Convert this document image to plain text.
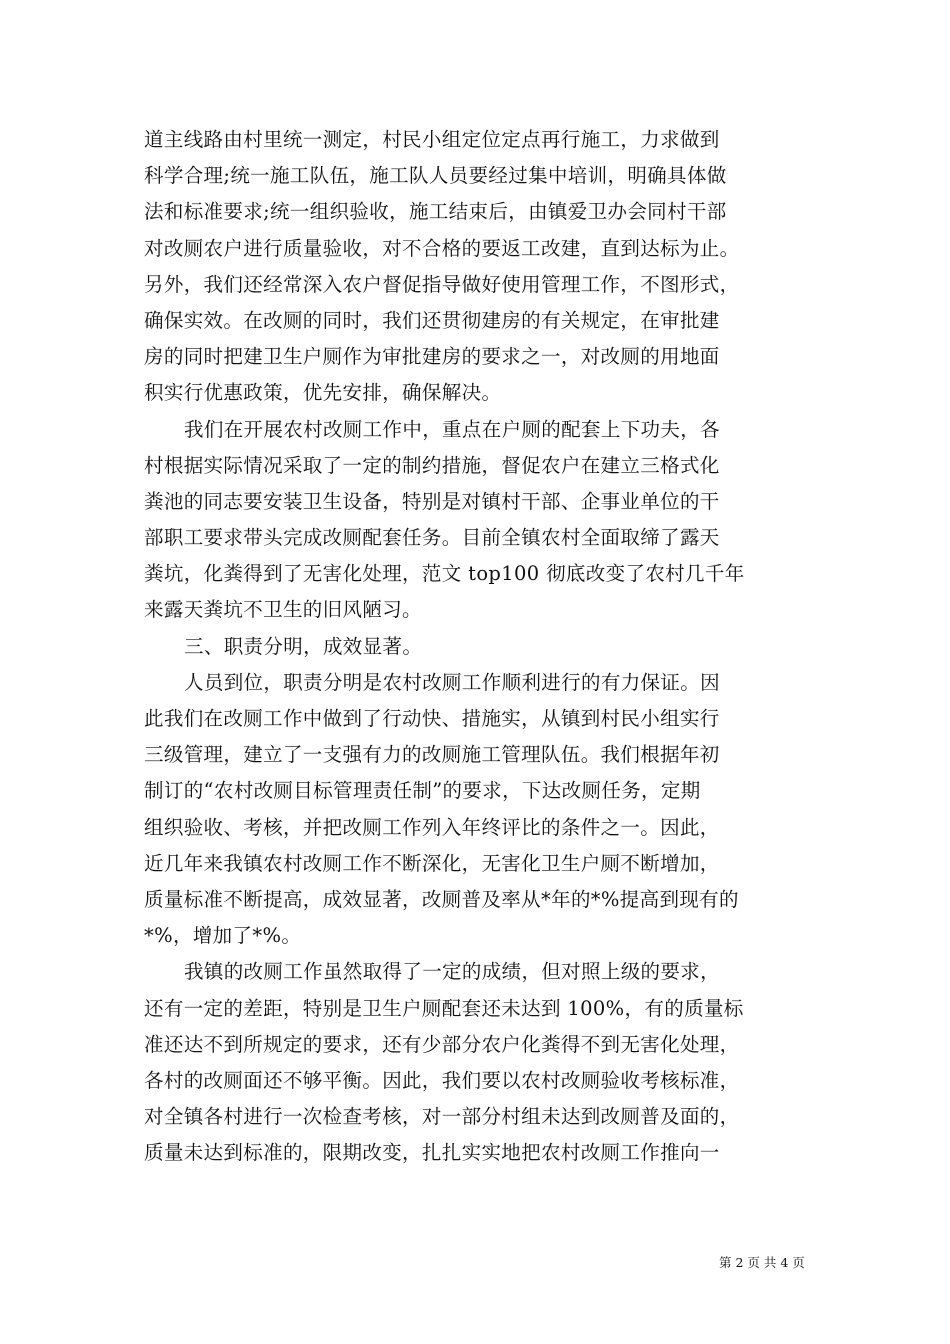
道主线路由村里统一测定，村民小组定位定点再行施工，力求做到
科学合理;统一施工队伍，施工队人员要经过集中培训，明确具体做
法和标准要求;统一组织验收，施工结束后，由镇爱卫办会同村干部
对改厕农户进行质量验收，对不合格的要返工改建，直到达标为止。
另外，我们还经常深入农户督促指导做好使用管理工作，不图形式，
确保实效。在改厕的同时，我们还贯彻建房的有关规定，在审批建
房的同时把建卫生户厕作为审批建房的要求之一，对改厕的用地面
积实行优惠政策，优先安排，确保解决。
我们在开展农村改厕工作中，重点在户厕的配套上下功夫，各
村根据实际情况采取了一定的制约措施，督促农户在建立三格式化
粪池的同志要安装卫生设备，特别是对镇村干部、企事业单位的干
部职工要求带头完成改厕配套任务。目前全镇农村全面取缔了露天
粪坑，化粪得到了无害化处理，范文 top100 彻底改变了农村几千年
来露天粪坑不卫生的旧风陋习。
三、职责分明，成效显著。
人员到位，职责分明是农村改厕工作顺利进行的有力保证。因
此我们在改厕工作中做到了行动快、措施实，从镇到村民小组实行
三级管理，建立了一支强有力的改厕施工管理队伍。我们根据年初
制订的“农村改厕目标管理责任制”的要求，下达改厕任务，定期
组织验收、考核，并把改厕工作列入年终评比的条件之一。因此，
近几年来我镇农村改厕工作不断深化，无害化卫生户厕不断增加，
质量标准不断提高，成效显著，改厕普及率从*年的*%提高到现有的
*%，增加了*%。
我镇的改厕工作虽然取得了一定的成绩，但对照上级的要求，
还有一定的差距，特别是卫生户厕配套还未达到 100%，有的质量标
准还达不到所规定的要求，还有少部分农户化粪得不到无害化处理，
各村的改厕面还不够平衡。因此，我们要以农村改厕验收考核标准，
对全镇各村进行一次检查考核，对一部分村组未达到改厕普及面的，
质量未达到标准的，限期改变，扎扎实实地把农村改厕工作推向一
第 2 页 共 4 页
